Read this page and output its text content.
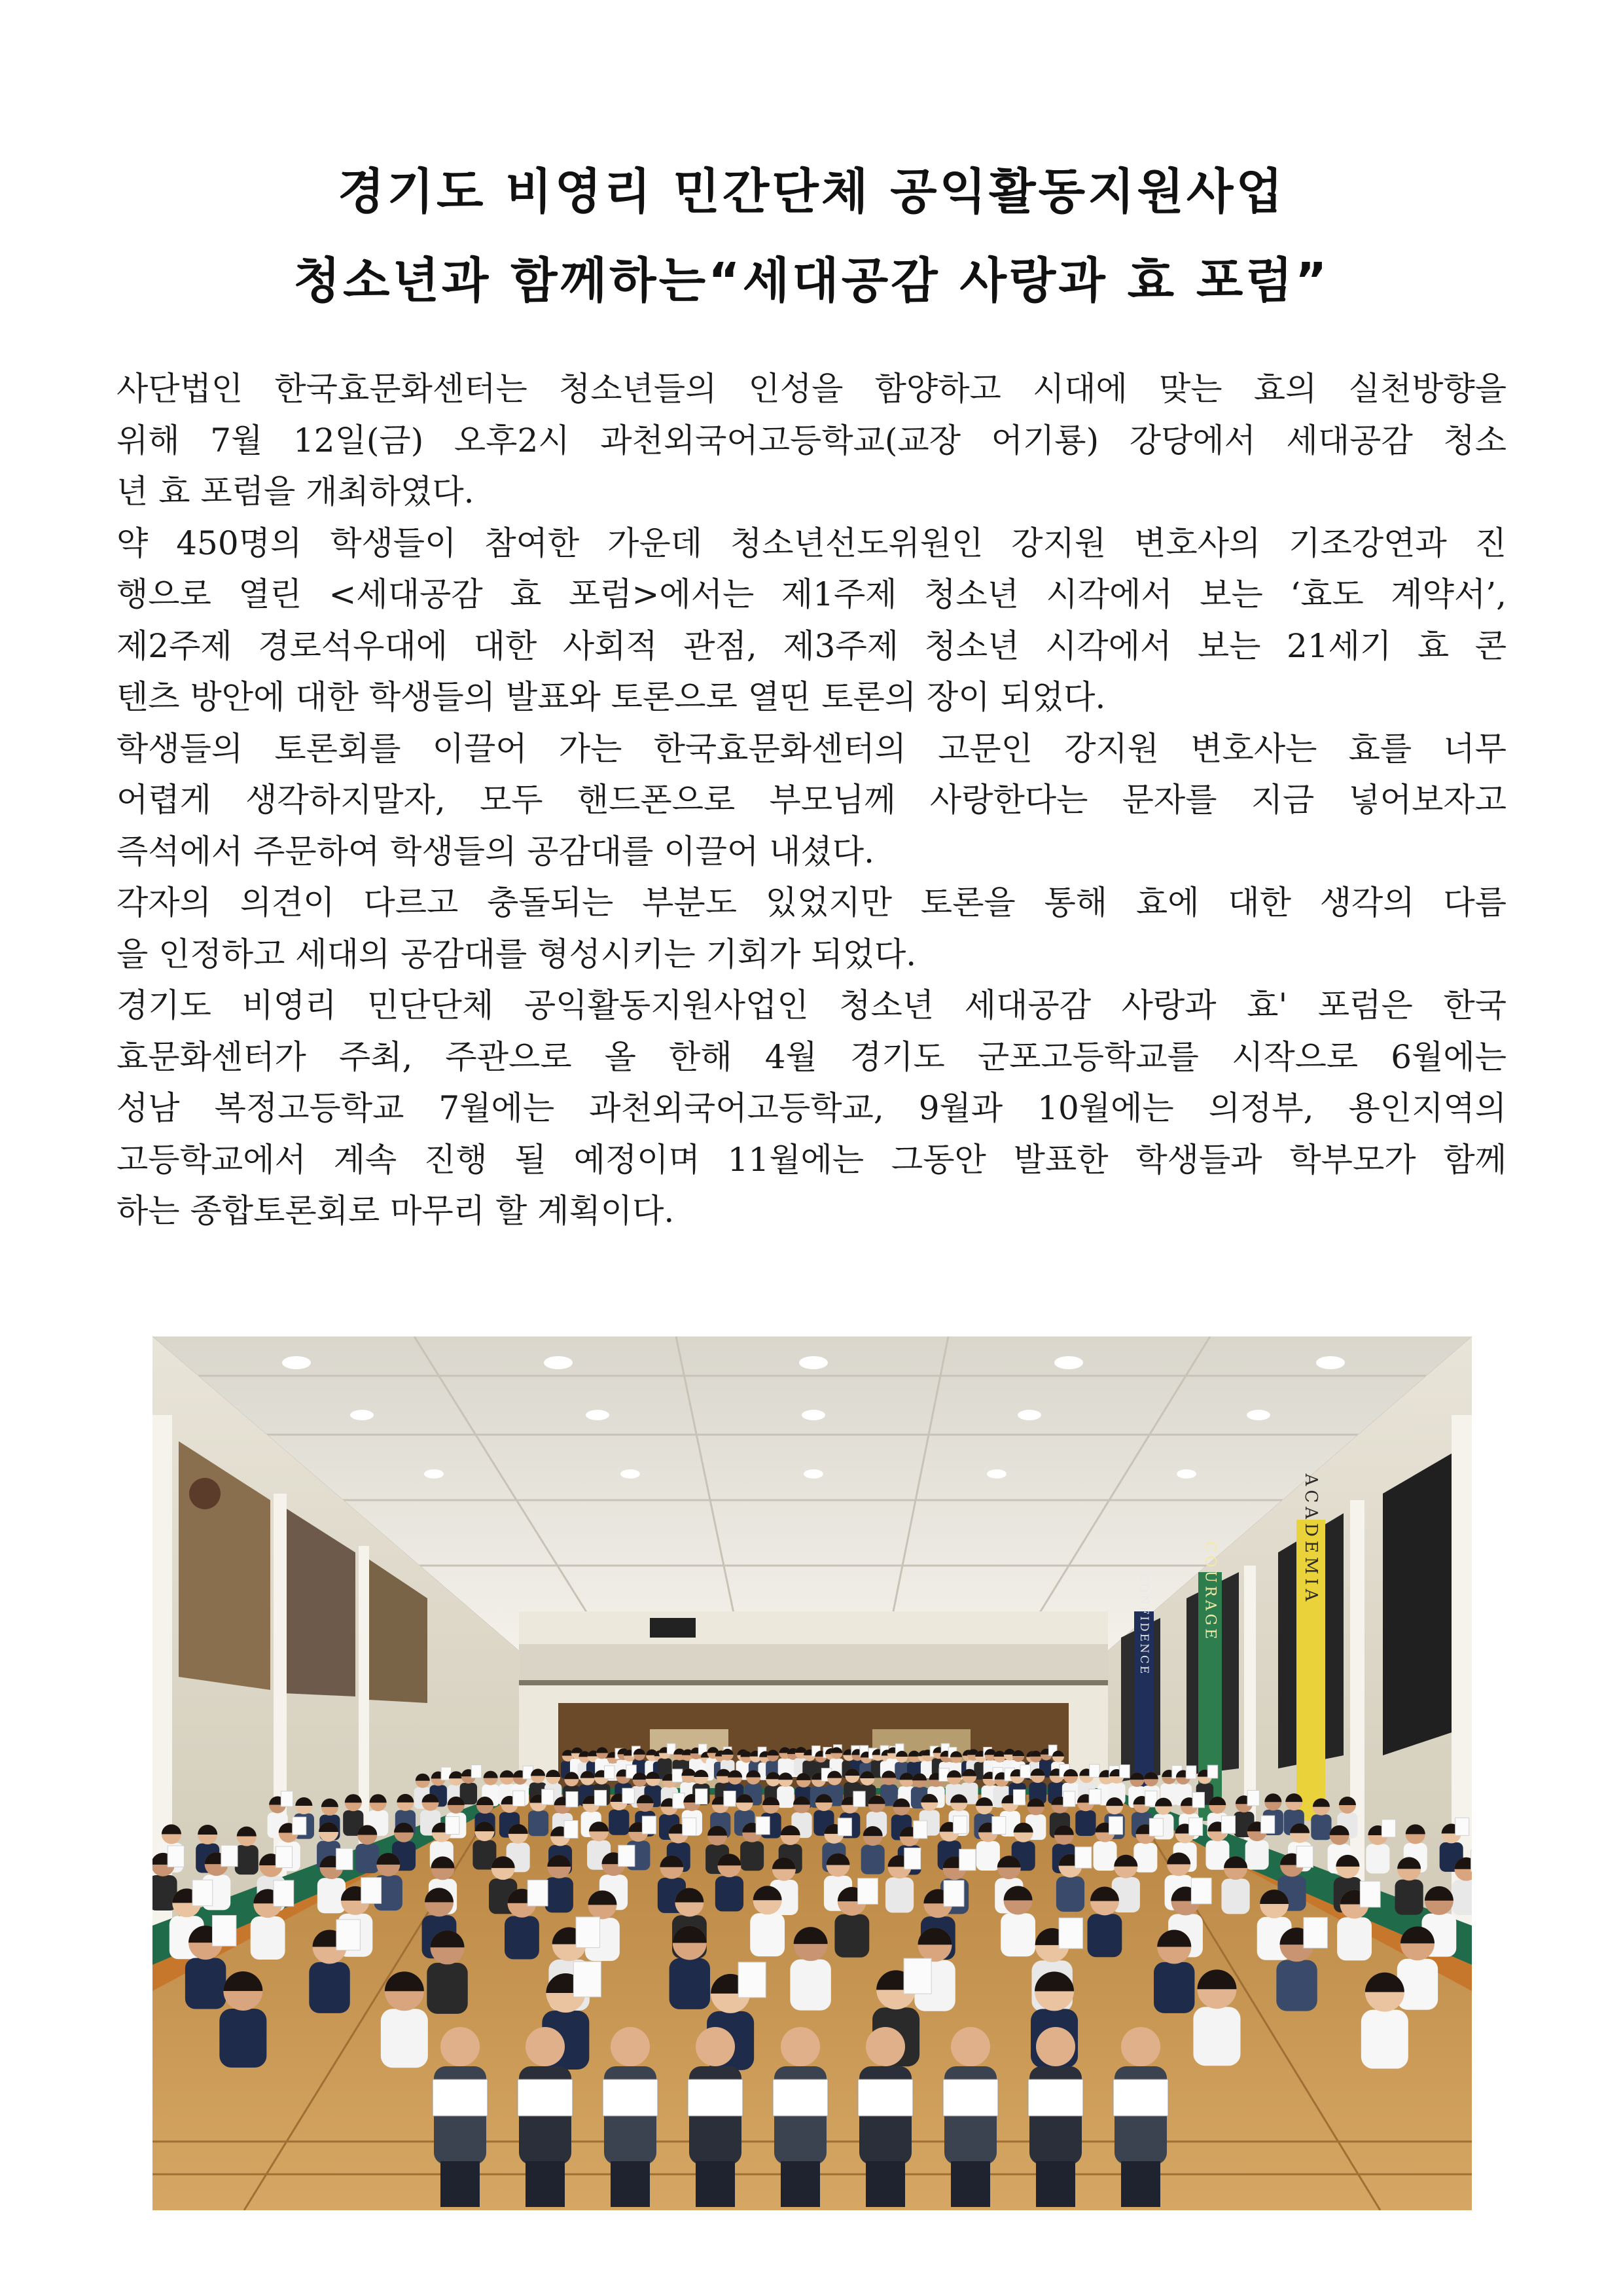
경기도 비영리 민간단체 공익활동지원사업
청소년과 함께하는“세대공감 사랑과 효 포럼”
사단법인 한국효문화센터는 청소년들의 인성을 함양하고 시대에 맞는 효의 실천방향을
위해 7월 12일(금) 오후2시 과천외국어고등학교(교장 어기룡) 강당에서 세대공감 청소
년 효 포럼을 개최하였다.
약 450명의 학생들이 참여한 가운데 청소년선도위원인 강지원 변호사의 기조강연과 진
행으로 열린 <세대공감 효 포럼>에서는 제1주제 청소년 시각에서 보는 ‘효도 계약서’,
제2주제 경로석우대에 대한 사회적 관점, 제3주제 청소년 시각에서 보는 21세기 효 콘
텐츠 방안에 대한 학생들의 발표와 토론으로 열띤 토론의 장이 되었다.
학생들의 토론회를 이끌어 가는 한국효문화센터의 고문인 강지원 변호사는 효를 너무
어렵게 생각하지말자, 모두 핸드폰으로 부모님께 사랑한다는 문자를 지금 넣어보자고
즉석에서 주문하여 학생들의 공감대를 이끌어 내셨다.
각자의 의견이 다르고 충돌되는 부분도 있었지만 토론을 통해 효에 대한 생각의 다름
을 인정하고 세대의 공감대를 형성시키는 기회가 되었다.
경기도 비영리 민단단체 공익활동지원사업인 청소년 세대공감 사랑과 효' 포럼은 한국
효문화센터가 주최, 주관으로 올 한해 4월 경기도 군포고등학교를 시작으로 6월에는
성남 복정고등학교 7월에는 과천외국어고등학교, 9월과 10월에는 의정부, 용인지역의
고등학교에서 계속 진행 될 예정이며 11월에는 그동안 발표한 학생들과 학부모가 함께
하는 종합토론회로 마무리 할 계획이다.
ACADEMIA
COURAGE
CONFIDENCE
